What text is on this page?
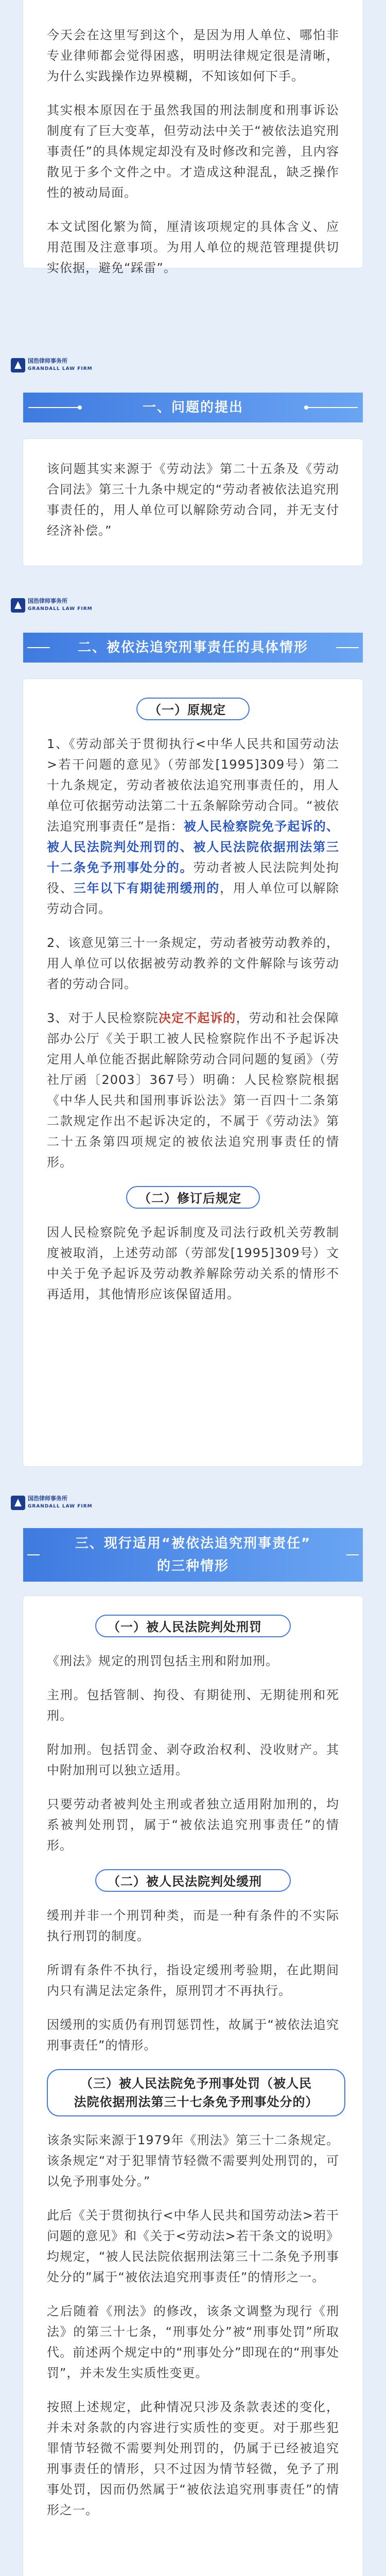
今天会在这里写到这个，是因为用人单位、哪怕非专业律师都会觉得困惑，明明法律规定很是清晰，为什么实践操作边界模糊，不知该如何下手。

其实根本原因在于虽然我国的刑法制度和刑事诉讼制度有了巨大变革，但劳动法中关于“被依法追究刑事责任”的具体规定却没有及时修改和完善，且内容散见于多个文件之中。才造成这种混乱，缺乏操作性的被动局面。

本文试图化繁为简，厘清该项规定的具体含义、应用范围及注意事项。为用人单位的规范管理提供切实依据，避免“踩雷”。

国浩律师事务所
GRANDALL LAW FIRM
一、问题的提出

该问题其实来源于《劳动法》第二十五条及《劳动合同法》第三十九条中规定的“劳动者被依法追究刑事责任的，用人单位可以解除劳动合同，并无支付经济补偿。”

国浩律师事务所
GRANDALL LAW FIRM
二、被依法追究刑事责任的具体情形
（一）原规定

1、《劳动部关于贯彻执行<中华人民共和国劳动法>若干问题的意见》（劳部发[1995]309号）第二十九条规定，劳动者被依法追究刑事责任的，用人单位可依据劳动法第二十五条解除劳动合同。“被依法追究刑事责任”是指：被人民检察院免予起诉的、被人民法院判处刑罚的、被人民法院依据刑法第三十二条免予刑事处分的。劳动者被人民法院判处拘役、三年以下有期徒刑缓刑的，用人单位可以解除劳动合同。

2、该意见第三十一条规定，劳动者被劳动教养的，用人单位可以依据被劳动教养的文件解除与该劳动者的劳动合同。

3、对于人民检察院决定不起诉的，劳动和社会保障部办公厅《关于职工被人民检察院作出不予起诉决定用人单位能否据此解除劳动合同问题的复函》（劳社厅函〔2003〕367号）明确：人民检察院根据《中华人民共和国刑事诉讼法》第一百四十二条第二款规定作出不起诉决定的，不属于《劳动法》第二十五条第四项规定的被依法追究刑事责任的情形。

（二）修订后规定

因人民检察院免予起诉制度及司法行政机关劳教制度被取消，上述劳动部（劳部发[1995]309号）文中关于免予起诉及劳动教养解除劳动关系的情形不再适用，其他情形应该保留适用。

国浩律师事务所
GRANDALL LAW FIRM
三、现行适用“被依法追究刑事责任”
的三种情形
（一）被人民法院判处刑罚

《刑法》规定的刑罚包括主刑和附加刑。

主刑。包括管制、拘役、有期徒刑、无期徒刑和死刑。

附加刑。包括罚金、剥夺政治权利、没收财产。其中附加刑可以独立适用。

只要劳动者被判处主刑或者独立适用附加刑的，均系被判处刑罚，属于“被依法追究刑事责任”的情形。

（二）被人民法院判处缓刑

缓刑并非一个刑罚种类，而是一种有条件的不实际执行刑罚的制度。

所谓有条件不执行，指设定缓刑考验期，在此期间内只有满足法定条件，原刑罚才不再执行。

因缓刑的实质仍有刑罚惩罚性，故属于“被依法追究刑事责任”的情形。

（三）被人民法院免予刑事处罚（被人民
法院依据刑法第三十七条免予刑事处分的）

该条实际来源于1979年《刑法》第三十二条规定。该条规定“对于犯罪情节轻微不需要判处刑罚的，可以免予刑事处分。”

此后《关于贯彻执行<中华人民共和国劳动法>若干问题的意见》和《关于<劳动法>若干条文的说明》均规定，“被人民法院依据刑法第三十二条免予刑事处分的”属于“被依法追究刑事责任”的情形之一。

之后随着《刑法》的修改，该条文调整为现行《刑法》的第三十七条，“刑事处分”被“刑事处罚”所取代。前述两个规定中的“刑事处分”即现在的“刑事处罚”，并未发生实质性变更。

按照上述规定，此种情况只涉及条款表述的变化，并未对条款的内容进行实质性的变更。对于那些犯罪情节轻微不需要判处刑罚的，仍属于已经被追究刑事责任的情形，只不过因为情节轻微，免予了刑事处罚，因而仍然属于“被依法追究刑事责任”的情形之一。
